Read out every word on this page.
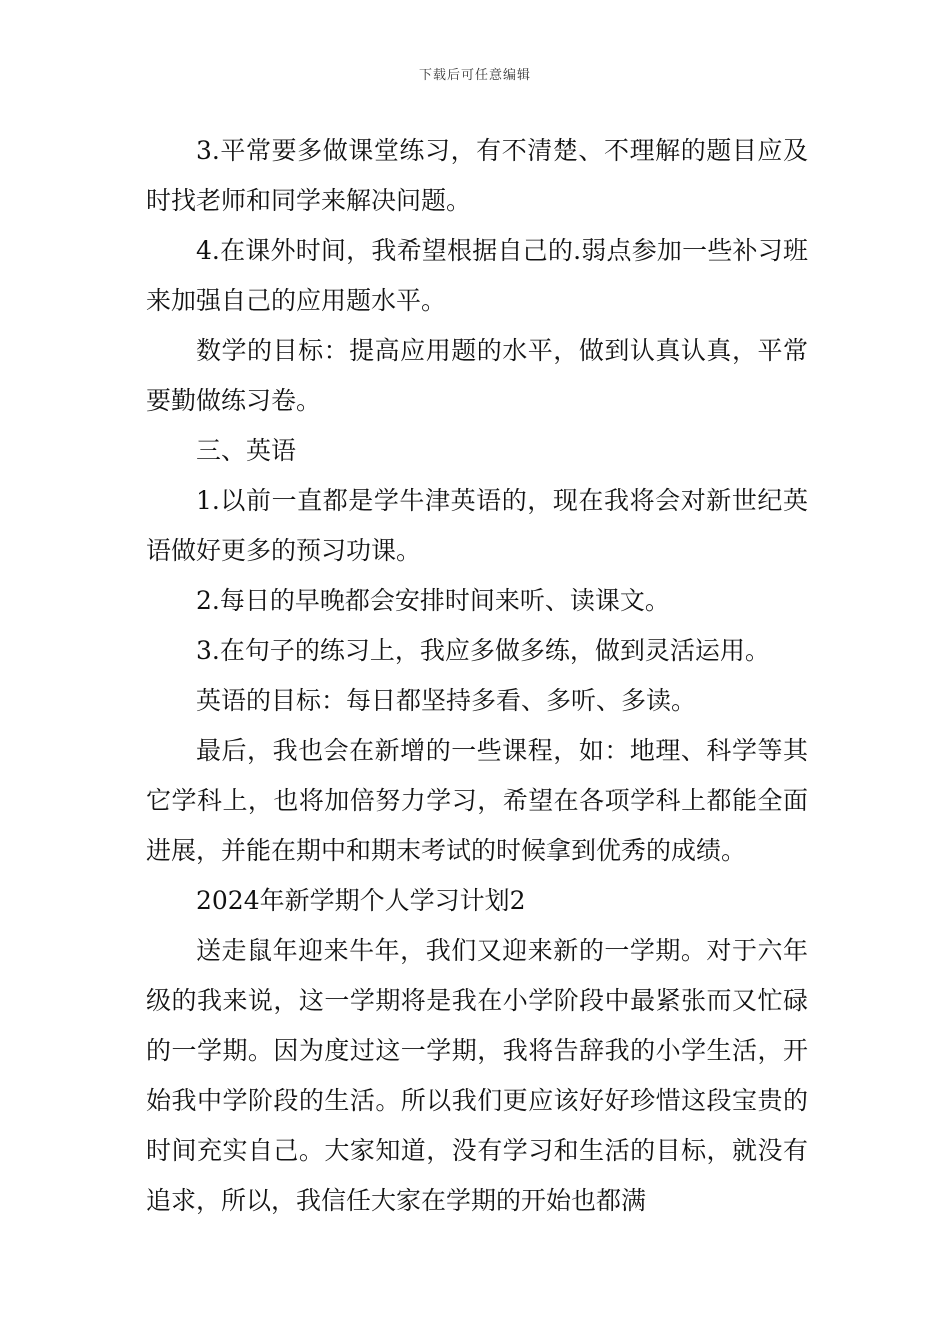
下载后可任意编辑

3.平常要多做课堂练习，有不清楚、不理解的题目应及时找老师和同学来解决问题。

4.在课外时间，我希望根据自己的.弱点参加一些补习班来加强自己的应用题水平。

数学的目标：提高应用题的水平，做到认真认真，平常要勤做练习卷。

三、英语

1.以前一直都是学牛津英语的，现在我将会对新世纪英语做好更多的预习功课。

2.每日的早晚都会安排时间来听、读课文。

3.在句子的练习上，我应多做多练，做到灵活运用。

英语的目标：每日都坚持多看、多听、多读。

最后，我也会在新增的一些课程，如：地理、科学等其它学科上，也将加倍努力学习，希望在各项学科上都能全面进展，并能在期中和期末考试的时候拿到优秀的成绩。

2024年新学期个人学习计划2

送走鼠年迎来牛年，我们又迎来新的一学期。对于六年级的我来说，这一学期将是我在小学阶段中最紧张而又忙碌的一学期。因为度过这一学期，我将告辞我的小学生活，开始我中学阶段的生活。所以我们更应该好好珍惜这段宝贵的时间充实自己。大家知道，没有学习和生活的目标，就没有追求，所以，我信任大家在学期的开始也都满
